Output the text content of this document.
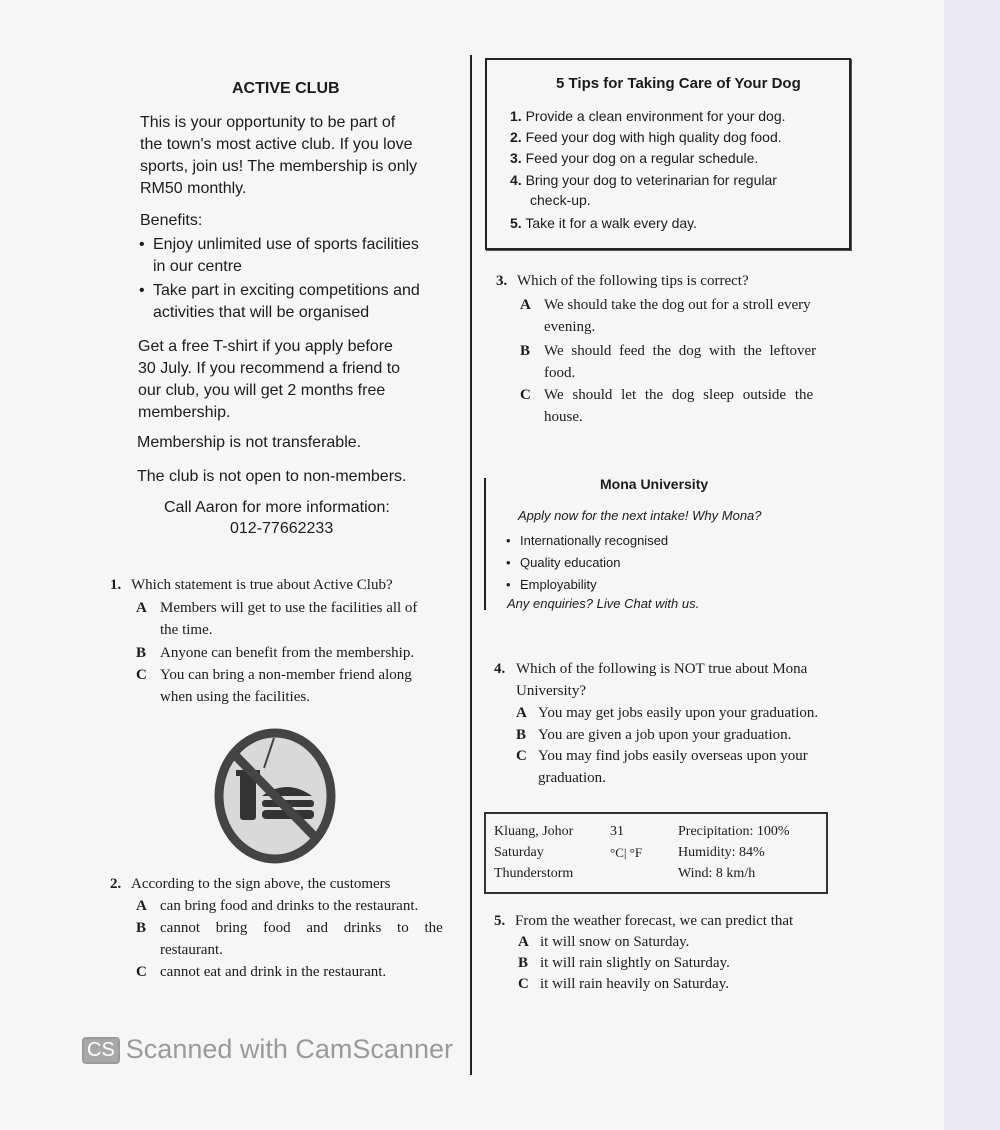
ACTIVE CLUB
This is your opportunity to be part of
the town's most active club. If you love
sports, join us! The membership is only
RM50 monthly.
Benefits:
Enjoy unlimited use of sports facilities
in our centre
Take part in exciting competitions and
activities that will be organised
Get a free T-shirt if you apply before
30 July. If you recommend a friend to
our club, you will get 2 months free
membership.
Membership is not transferable.
The club is not open to non-members.
Call Aaron for more information:
012-77662233
1. Which statement is true about Active Club?
A Members will get to use the facilities all of
the time.
B Anyone can benefit from the membership.
C You can bring a non-member friend along
when using the facilities.
2. According to the sign above, the customers
A can bring food and drinks to the restaurant.
B cannot bring food and drinks to the
restaurant.
C cannot eat and drink in the restaurant.
5 Tips for Taking Care of Your Dog
1. Provide a clean environment for your dog.
2. Feed your dog with high quality dog food.
3. Feed your dog on a regular schedule.
4. Bring your dog to veterinarian for regular
check-up.
5. Take it for a walk every day.
3. Which of the following tips is correct?
A We should take the dog out for a stroll every
evening.
B We should feed the dog with the leftover
food.
C We should let the dog sleep outside the
house.
Mona University
Apply now for the next intake! Why Mona?
Internationally recognised
Quality education
Employability
Any enquiries? Live Chat with us.
4. Which of the following is NOT true about Mona
University?
A You may get jobs easily upon your graduation.
B You are given a job upon your graduation.
C You may find jobs easily overseas upon your
graduation.
Kluang, Johor
Saturday
Thunderstorm
31
°C| °F
Precipitation: 100%
Humidity: 84%
Wind: 8 km/h
5. From the weather forecast, we can predict that
A it will snow on Saturday.
B it will rain slightly on Saturday.
C it will rain heavily on Saturday.
CS Scanned with CamScanner
